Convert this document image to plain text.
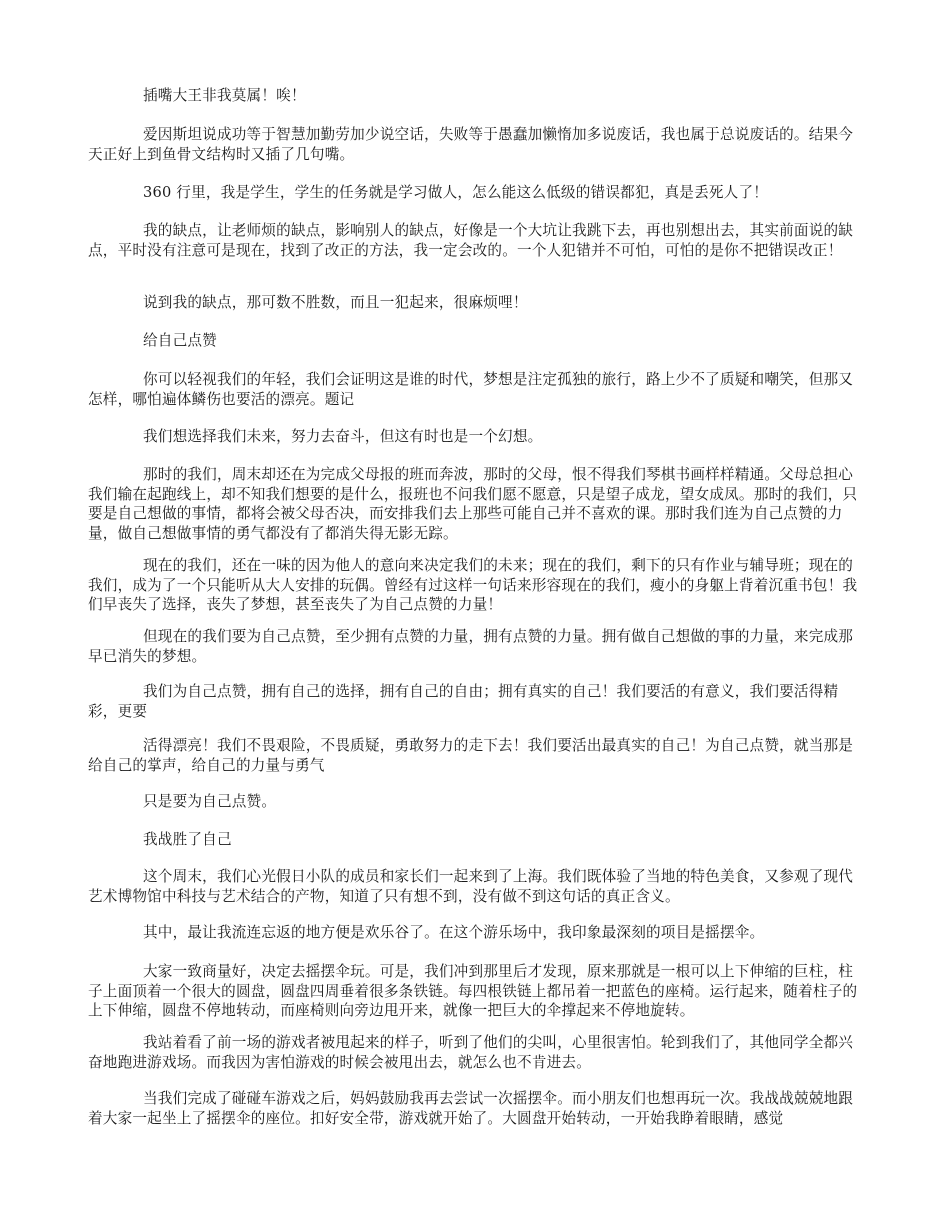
插嘴大王非我莫属！唉！

爱因斯坦说成功等于智慧加勤劳加少说空话，失败等于愚蠢加懒惰加多说废话，我也属于总说废话的。结果今天正好上到鱼骨文结构时又插了几句嘴。

360 行里，我是学生，学生的任务就是学习做人，怎么能这么低级的错误都犯，真是丢死人了！

我的缺点，让老师烦的缺点，影响别人的缺点，好像是一个大坑让我跳下去，再也别想出去，其实前面说的缺点，平时没有注意可是现在，找到了改正的方法，我一定会改的。一个人犯错并不可怕，可怕的是你不把错误改正！

说到我的缺点，那可数不胜数，而且一犯起来，很麻烦哩！

给自己点赞

你可以轻视我们的年轻，我们会证明这是谁的时代，梦想是注定孤独的旅行，路上少不了质疑和嘲笑，但那又怎样，哪怕遍体鳞伤也要活的漂亮。题记

我们想选择我们未来，努力去奋斗，但这有时也是一个幻想。

那时的我们，周末却还在为完成父母报的班而奔波，那时的父母，恨不得我们琴棋书画样样精通。父母总担心我们输在起跑线上，却不知我们想要的是什么，报班也不问我们愿不愿意，只是望子成龙，望女成凤。那时的我们，只要是自己想做的事情，都将会被父母否决，而安排我们去上那些可能自己并不喜欢的课。那时我们连为自己点赞的力量，做自己想做事情的勇气都没有了都消失得无影无踪。

现在的我们，还在一味的因为他人的意向来决定我们的未来；现在的我们，剩下的只有作业与辅导班；现在的我们，成为了一个只能听从大人安排的玩偶。曾经有过这样一句话来形容现在的我们，瘦小的身躯上背着沉重书包！我们早丧失了选择，丧失了梦想，甚至丧失了为自己点赞的力量！

但现在的我们要为自己点赞，至少拥有点赞的力量，拥有点赞的力量。拥有做自己想做的事的力量，来完成那早已消失的梦想。

我们为自己点赞，拥有自己的选择，拥有自己的自由；拥有真实的自己！我们要活的有意义，我们要活得精彩，更要

活得漂亮！我们不畏艰险，不畏质疑，勇敢努力的走下去！我们要活出最真实的自己！为自己点赞，就当那是给自己的掌声，给自己的力量与勇气

只是要为自己点赞。

我战胜了自己

这个周末，我们心光假日小队的成员和家长们一起来到了上海。我们既体验了当地的特色美食，又参观了现代艺术博物馆中科技与艺术结合的产物，知道了只有想不到，没有做不到这句话的真正含义。

其中，最让我流连忘返的地方便是欢乐谷了。在这个游乐场中，我印象最深刻的项目是摇摆伞。

大家一致商量好，决定去摇摆伞玩。可是，我们冲到那里后才发现，原来那就是一根可以上下伸缩的巨柱，柱子上面顶着一个很大的圆盘，圆盘四周垂着很多条铁链。每四根铁链上都吊着一把蓝色的座椅。运行起来，随着柱子的上下伸缩，圆盘不停地转动，而座椅则向旁边甩开来，就像一把巨大的伞撑起来不停地旋转。

我站着看了前一场的游戏者被甩起来的样子，听到了他们的尖叫，心里很害怕。轮到我们了，其他同学全都兴奋地跑进游戏场。而我因为害怕游戏的时候会被甩出去，就怎么也不肯进去。

当我们完成了碰碰车游戏之后，妈妈鼓励我再去尝试一次摇摆伞。而小朋友们也想再玩一次。我战战兢兢地跟着大家一起坐上了摇摆伞的座位。扣好安全带，游戏就开始了。大圆盘开始转动，一开始我睁着眼睛，感觉
